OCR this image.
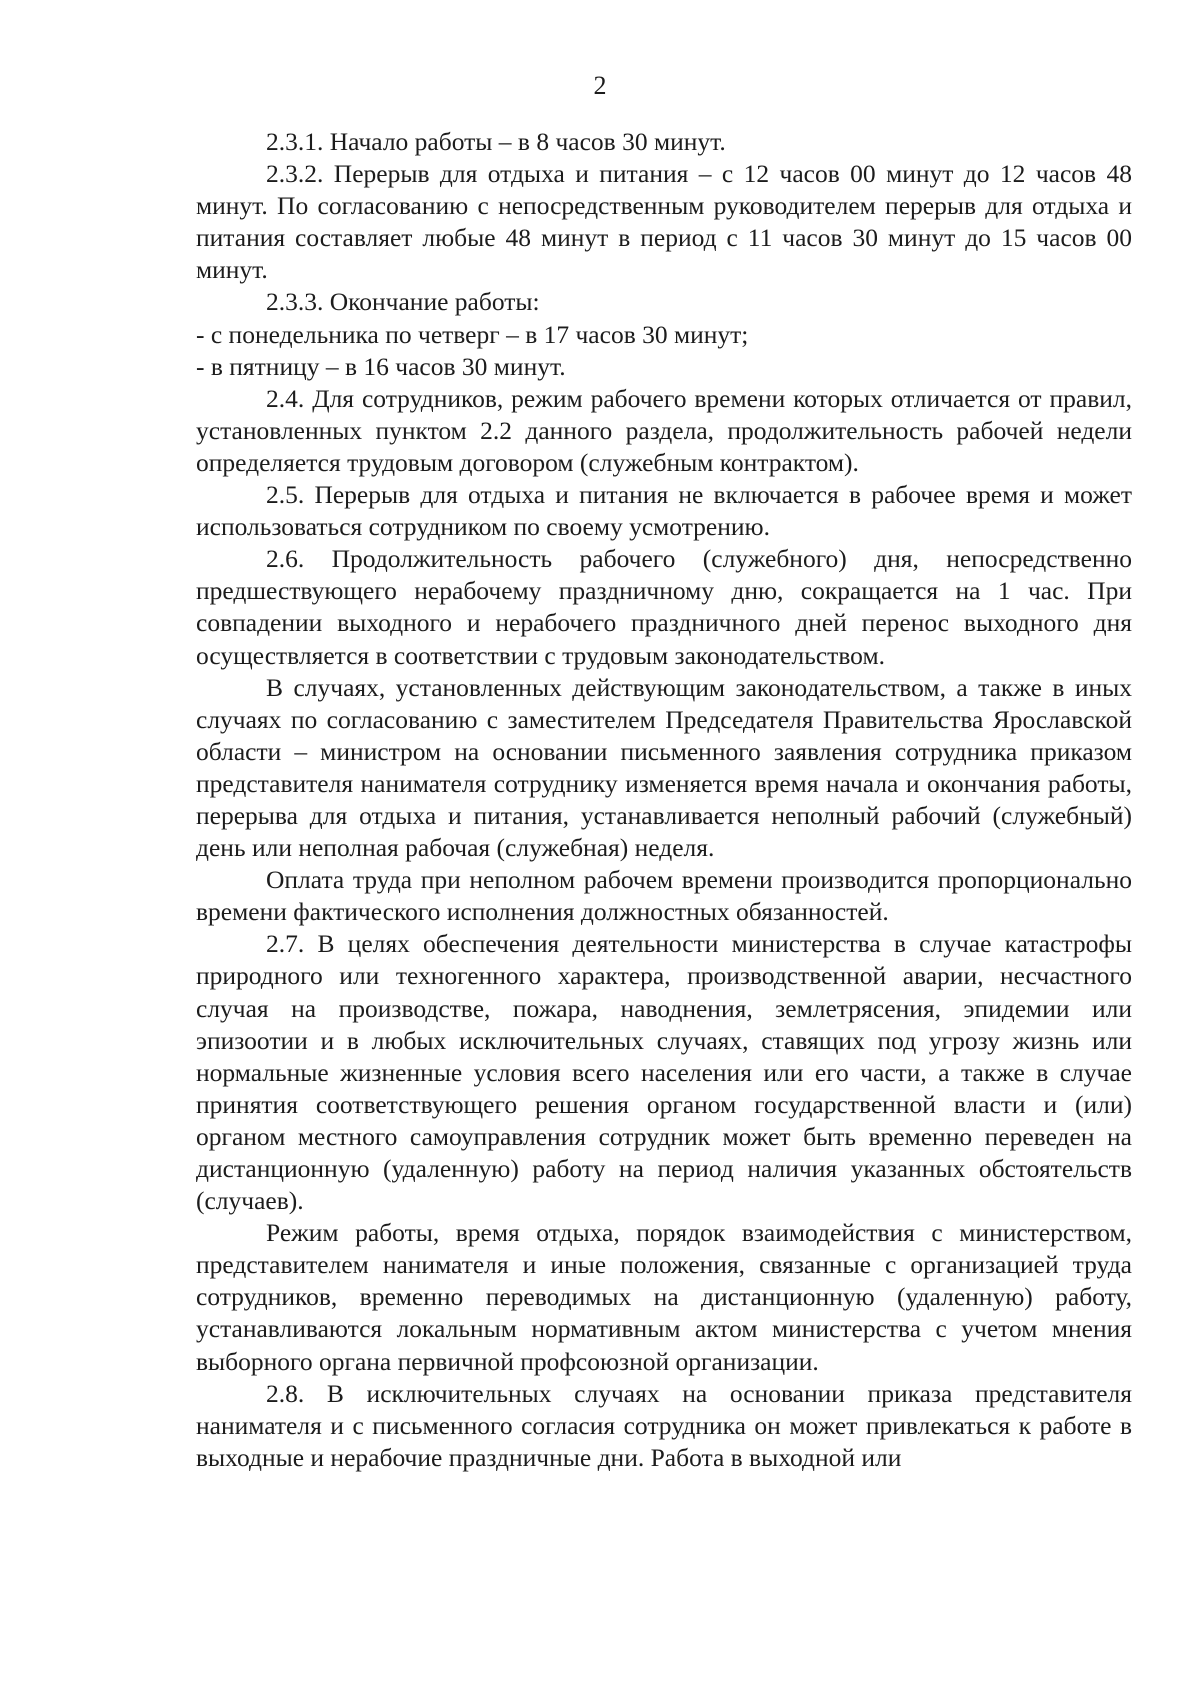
2

2.3.1. Начало работы – в 8 часов 30 минут.

2.3.2. Перерыв для отдыха и питания – с 12 часов 00 минут до 12 часов 48 минут. По согласованию с непосредственным руководителем перерыв для отдыха и питания составляет любые 48 минут в период с 11 часов 30 минут до 15 часов 00 минут.

2.3.3. Окончание работы:

- с понедельника по четверг – в 17 часов 30 минут;

- в пятницу – в 16 часов 30 минут.

2.4. Для сотрудников, режим рабочего времени которых отличается от правил, установленных пунктом 2.2 данного раздела, продолжительность рабочей недели определяется трудовым договором (служебным контрактом).

2.5. Перерыв для отдыха и питания не включается в рабочее время и может использоваться сотрудником по своему усмотрению.

2.6. Продолжительность рабочего (служебного) дня, непосредственно предшествующего нерабочему праздничному дню, сокращается на 1 час. При совпадении выходного и нерабочего праздничного дней перенос выходного дня осуществляется в соответствии с трудовым законодательством.

В случаях, установленных действующим законодательством, а также в иных случаях по согласованию с заместителем Председателя Правительства Ярославской области – министром на основании письменного заявления сотрудника приказом представителя нанимателя сотруднику изменяется время начала и окончания работы, перерыва для отдыха и питания, устанавливается неполный рабочий (служебный) день или неполная рабочая (служебная) неделя.

Оплата труда при неполном рабочем времени производится пропорционально времени фактического исполнения должностных обязанностей.

2.7. В целях обеспечения деятельности министерства в случае катастрофы природного или техногенного характера, производственной аварии, несчастного случая на производстве, пожара, наводнения, землетрясения, эпидемии или эпизоотии и в любых исключительных случаях, ставящих под угрозу жизнь или нормальные жизненные условия всего населения или его части, а также в случае принятия соответствующего решения органом государственной власти и (или) органом местного самоуправления сотрудник может быть временно переведен на дистанционную (удаленную) работу на период наличия указанных обстоятельств (случаев).

Режим работы, время отдыха, порядок взаимодействия с министерством, представителем нанимателя и иные положения, связанные с организацией труда сотрудников, временно переводимых на дистанционную (удаленную) работу, устанавливаются локальным нормативным актом министерства с учетом мнения выборного органа первичной профсоюзной организации.

2.8. В исключительных случаях на основании приказа представителя нанимателя и с письменного согласия сотрудника он может привлекаться к работе в выходные и нерабочие праздничные дни. Работа в выходной или
